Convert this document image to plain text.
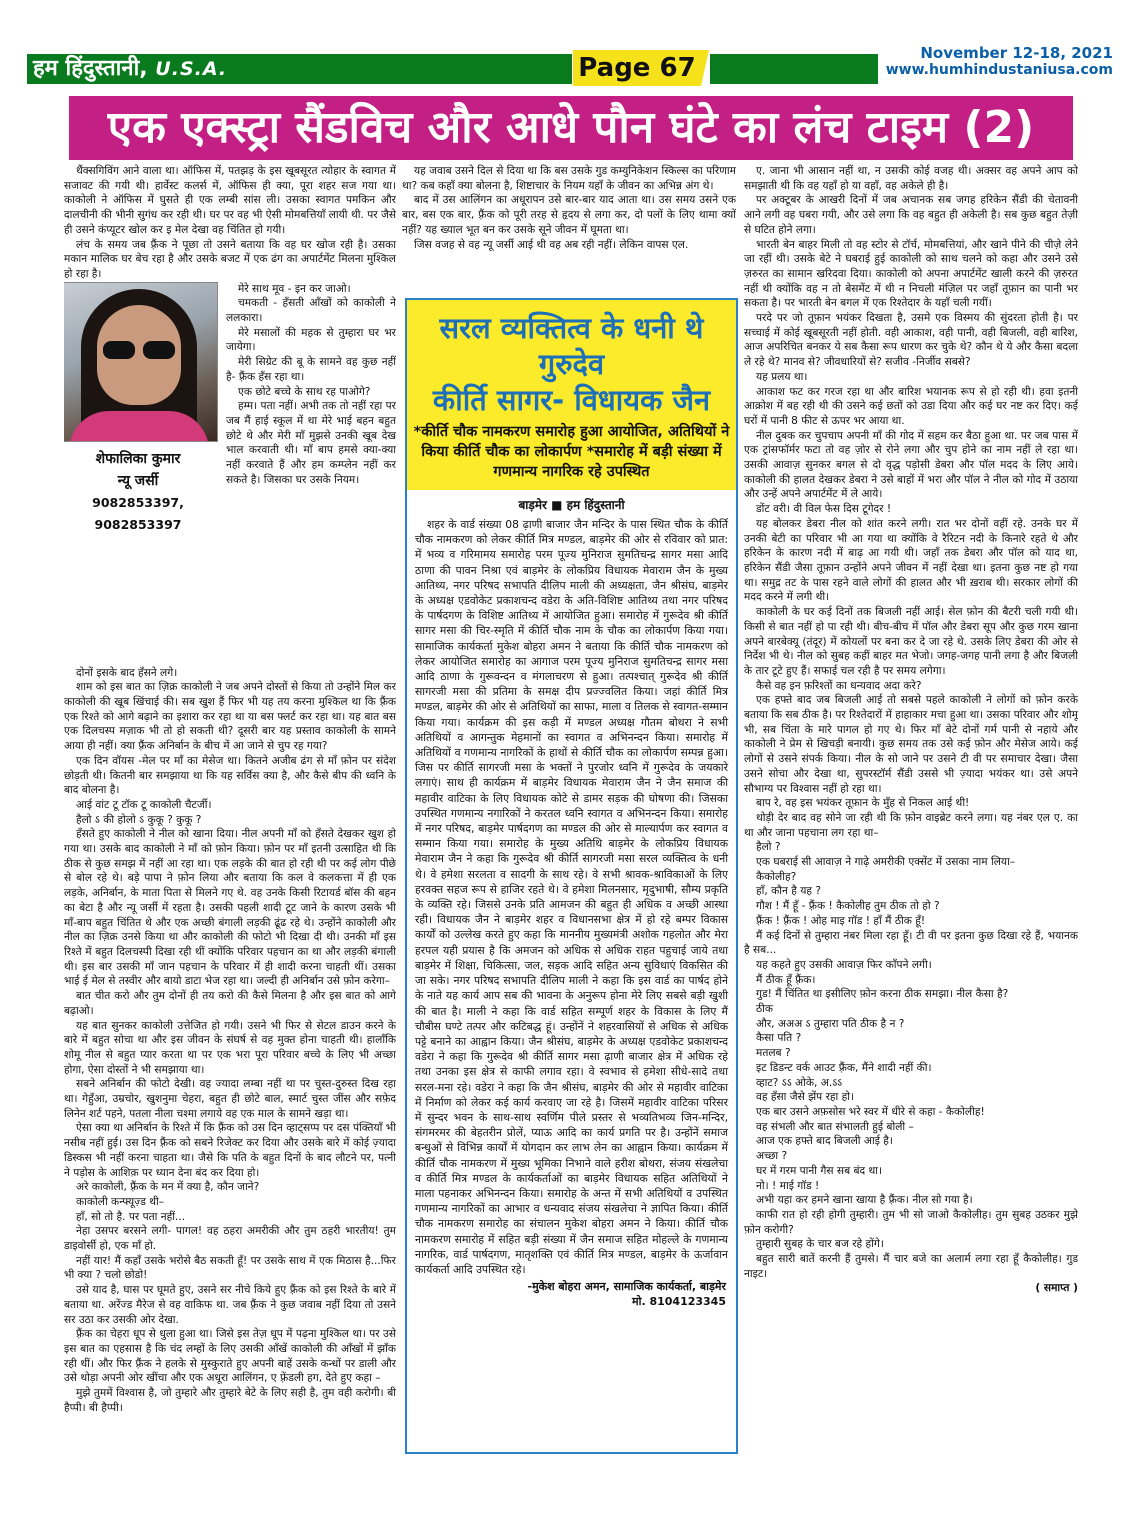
हम हिंदुस्तानी, U.S.A.	Page 67	November 12-18, 2021
www.humhindustaniusa.com
एक एक्स्ट्रा सैंडविच और आधे पौन घंटे का लंच टाइम (2)

थैंक्सगिविंग आने वाला था। ऑफिस में, पतझड़ के इस खूबसूरत त्योहार के स्वागत में सजावट की गयी थी। हार्वेस्ट कलर्स में, ऑफिस ही क्या, पूरा शहर सज गया था। काकोली ने ऑफिस में घुसते ही एक लम्बी सांस ली। उसका स्वागत पमकिन और दालचीनी की भीनी सुगंध कर रही थी। घर पर वह भी ऐसी मोमबत्तियाँ लायी थी. पर जैसे ही उसने कंप्यूटर खोल कर इ मेल देखा वह चिंतित हो गयी।

लंच के समय जब फ़्रैंक ने पूछा तो उसने बताया कि वह घर खोज रही है। उसका मकान मालिक घर बेच रहा है और उसके बजट में एक ढंग का अपार्टमेंट मिलना मुश्किल हो रहा है।

शेफालिका कुमार
न्यू जर्सी
9082853397, 9082853397

मेरे साथ मूव - इन कर जाओ।

चमकती - हँसती आँखों को काकोली ने ललकारा।

मेरे मसालों की महक से तुम्हारा घर भर जायेगा।

मेरी सिग्रेट की बू के सामने वह कुछ नहीं है- फ़्रैंक हँस रहा था।

एक छोटे बच्चे के साथ रह पाओगे?

हम्म। पता नहीं। अभी तक तो नहीं रहा पर जब मैं हाई स्कूल में था मेरे भाई बहन बहुत छोटे थे और मेरी माँ मुझसे उनकी खूब देख भाल करवाती थी। माँ बाप हमसे क्या-क्या नहीं करवाते हैं और हम कम्प्लेन नहीं कर सकते है। जिसका घर उसके नियम।

दोनों इसके बाद हँसने लगे।

शाम को इस बात का ज़िक्र काकोली ने जब अपने दोस्तों से किया तो उन्होंने मिल कर काकोली की खूब खिंचाई की। सब खुश हैं फिर भी यह तय करना मुश्किल था कि फ़्रैंक एक रिश्ते को आगे बढ़ाने का इशारा कर रहा था या बस फ्लर्ट कर रहा था। यह बात बस एक दिलचस्प मज़ाक भी तो हो सकती थी? दूसरी बार यह प्रस्ताव काकोली के सामने आया ही नहीं। क्या फ़्रैंक अनिर्बान के बीच में आ जाने से चुप रह गया?

एक दिन वॉयस -मेल पर माँ का मेसेज था। कितने अजीब ढंग से माँ फ़ोन पर संदेश छोड़ती थी। कितनी बार समझाया था कि यह सर्विस क्या है, और कैसे बीप की ध्वनि के बाद बोलना है।

आई वांट टू टॉक टू काकोली चैटर्जी।

हैलो ऽ की होलो ऽ कुकू ? कुकू ?

हँसते हुए काकोली ने नील को खाना दिया। नील अपनी माँ को हँसते देखकर खुश हो गया था। उसके बाद काकोली ने माँ को फ़ोन किया। फ़ोन पर माँ इतनी उत्साहित थी कि ठीक से कुछ समझ में नहीं आ रहा था। एक लड़के की बात हो रही थी पर कई लोग पीछे से बोल रहे थे। बड़े पापा ने फ़ोन लिया और बताया कि कल वे कलकत्ता में ही एक लड़के, अनिर्बान, के माता पिता से मिलने गए थे. वह उनके किसी रिटायर्ड बॉस की बहन का बेटा है और न्यू जर्सी में रहता है। उसकी पहली शादी टूट जाने के कारण उसके भी माँ-बाप बहुत चिंतित थे और एक अच्छी बंगाली लड़की ढूंढ रहे थे। उन्होंने काकोली और नील का ज़िक्र उनसे किया था और काकोली की फोटो भी दिखा दी थी। उनकी माँ इस रिश्ते में बहुत दिलचस्पी दिखा रही थीं क्योंकि परिवार पहचान का था और लड़की बंगाली थी। इस बार उसकी माँ जान पहचान के परिवार में ही शादी करना चाहती थीं। उसका भाई ई मेल से तस्वीर और बायो डाटा भेज रहा था। जल्दी ही अनिर्बान उसे फ़ोन करेगा–

बात चीत करो और तुम दोनों ही तय करो की कैसे मिलना है और इस बात को आगे बढ़ाओ।

यह बात सुनकर काकोली उत्तेजित हो गयी। उसने भी फिर से सेटल डाउन करने के बारे में बहुत सोचा था और इस जीवन के संघर्ष से वह मुक्त होना चाहती थी। हालाँकि शोमू नील से बहुत प्यार करता था पर एक भरा पूरा परिवार बच्चे के लिए भी अच्छा होगा, ऐसा दोस्तों ने भी समझाया था।

सबने अनिर्बान की फोटो देखी। वह ज्यादा लम्बा नहीं था पर चुस्त-दुरुस्त दिख रहा था। गेहुँआ, उम्रचोर, खुशनुमा चेहरा, बहुत ही छोटे बाल, स्मार्ट चुस्त जींस और सफ़ेद लिनेन शर्ट पहने, पतला नीला चश्मा लगाये वह एक माल के सामने खड़ा था।

ऐसा क्या था अनिर्बान के रिश्ते में कि फ़्रैंक को उस दिन व्हाट्सप्प पर दस पंक्तियाँ भी नसीब नहीं हुई। उस दिन फ़्रैंक को सबने रिजेक्ट कर दिया और उसके बारे में कोई ज़्यादा डिस्कस भी नहीं करना चाहता था। जैसे कि पति के बहुत दिनों के बाद लौटने पर, पत्नी ने पड़ोस के आशिक़ पर ध्यान देना बंद कर दिया हो।

अरे काकोली, फ़्रैंक के मन में क्या है, कौन जाने?

काकोली कन्फ्यूज़्ड थी–

हाँ, सो तो है. पर पता नहीं...

नेहा उसपर बरसने लगी- पागल! वह ठहरा अमरीकी और तुम ठहरी भारतीय! तुम डाइवोर्सी हो, एक माँ हो.

नहीं यार! मैं कहाँ उसके भरोसे बैठ सकती हूँ! पर उसके साथ में एक मिठास है...फिर भी क्या ? चलो छोडो!

उसे याद है, घास पर घूमते हुए, उसने सर नीचे किये हुए फ़्रैंक को इस रिश्ते के बारे में बताया था. अरेंज्ड मैरेज से वह वाकिफ था. जब फ़्रैंक ने कुछ जवाब नहीं दिया तो उसने सर उठा कर उसकी ओर देखा.

फ़्रैंक का चेहरा धूप से धुला हुआ था। जिसे इस तेज़ धूप में पढ़ना मुश्किल था। पर उसे इस बात का एहसास है कि चंद लम्हों के लिए उसकी आँखें काकोली की आँखों में झाँक रही थीं। और फिर फ़्रैंक ने हलके से मुस्कुराते हुए अपनी बाहें उसके कन्धों पर डाली और उसे थोड़ा अपनी ओर खींचा और एक अधूरा आलिंगन, ए फ़्रेंडली हग, देते हुए कहा –

मुझे तुममें विश्वास है, जो तुम्हारे और तुम्हारे बेटे के लिए सही है, तुम वही करोगी। बी हैप्पी। बी हैप्पी।

यह जवाब उसने दिल से दिया था कि बस उसके गुड कम्युनिकेशन स्किल्स का परिणाम था? कब कहाँ क्या बोलना है, शिष्टाचार के नियम यहाँ के जीवन का अभिन्न अंग थे।

बाद में उस आलिंगन का अधूरापन उसे बार-बार याद आता था। उस समय उसने एक बार, बस एक बार, फ़्रैंक को पूरी तरह से हृदय से लगा कर, दो पलों के लिए थामा क्यों नहीं? यह ख्याल भूत बन कर उसके सूने जीवन में घूमता था।

जिस वजह से वह न्यू जर्सी आई थी वह अब रही नहीं। लेकिन वापस एल.

सरल व्यक्तित्व के धनी थे गुरुदेव
कीर्ति सागर- विधायक जैन
*कीर्ति चौक नामकरण समारोह हुआ आयोजित, अतिथियों ने किया कीर्ति चौक का लोकार्पण *समारोह में बड़ी संख्या में गणमान्य नागरिक रहे उपस्थित
बाड़मेर ■ हम हिंदुस्तानी

शहर के वार्ड संख्या 08 ढ़ाणी बाजार जैन मन्दिर के पास स्थित चौक के कीर्ति चौक नामकरण को लेकर कीर्ति मित्र मण्डल, बाड़मेर की ओर से रविवार को प्रात: में भव्य व गरिमामय समारोह परम पूज्य मुनिराज सुमतिचन्द्र सागर मसा आदि ठाणा की पावन निश्रा एवं बाड़मेर के लोकप्रिय विधायक मेवाराम जैन के मुख्य आतिथ्य, नगर परिषद सभापति दीलिप माली की अध्यक्षता, जैन श्रीसंघ, बाड़मेर के अध्यक्ष एडवोकेट प्रकाशचन्द वडेरा के अति-विशिष्ट आतिथ्य तथा नगर परिषद के पार्षदगण के विशिष्ट आतिथ्य में आयोजित हुआ। समारोह में गुरूदेव श्री कीर्ति सागर मसा की चिर-स्मृति में कीर्ति चौक नाम के चौक का लोकार्पण किया गया। सामाजिक कार्यकर्ता मुकेश बोहरा अमन ने बताया कि कीर्ति चौक नामकरण को लेकर आयोजित समारोह का आगाज परम पूज्य मुनिराज सुमतिचन्द्र सागर मसा आदि ठाणा के गुरूवन्दन व मंगलाचरण से हुआ। तत्पश्चात् गुरूदेव श्री कीर्ति सागरजी मसा की प्रतिमा के समक्ष दीप प्रज्ज्वलित किया। जहां कीर्ति मित्र मण्डल, बाड़मेर की ओर से अतिथियों का साफा, माला व तिलक से स्वागत-सम्मान किया गया। कार्यक्रम की इस कड़ी में मण्डल अध्यक्ष गौतम बोथरा ने सभी अतिथियों व आगन्तुक मेहमानों का स्वागत व अभिनन्दन किया। समारोह में अतिथियों व गणमान्य नागरिकों के हाथों से कीर्ति चौक का लोकार्पण सम्पन्न हुआ। जिस पर कीर्ति सागरजी मसा के भक्तों ने पुरजोर ध्वनि में गुरूदेव के जयकारे लगाएं। साथ ही कार्यक्रम में बाड़मेर विधायक मेवाराम जैन ने जैन समाज की महावीर वाटिका के लिए विधायक कोटे से डामर सड़क की घोषणा की। जिसका उपस्थित गणमान्य नगारिकों ने करतल ध्वनि स्वागत व अभिनन्दन किया। समारोह में नगर परिषद, बाड़मेर पार्षदगण का मण्डल की ओर से माल्यार्पण कर स्वागत व सम्मान किया गया। समारोह के मुख्य अतिथि बाड़मेर के लोकप्रिय विधायक मेवाराम जैन ने कहा कि गुरूदेव श्री कीर्ति सागरजी मसा सरल व्यक्तित्व के धनी थे। वे हमेशा सरलता व सादगी के साथ रहे। वे सभी श्रावक-श्राविकाओं के लिए हरवक्त सहज रूप से हाजिर रहते थे। वे हमेशा मिलनसार, मृदुभाषी, सौम्य प्रकृति के व्यक्ति रहे। जिससे उनके प्रति आमजन की बहुत ही अधिक व अच्छी आस्था रही। विधायक जैन ने बाड़मेर शहर व विधानसभा क्षेत्र में हो रहे बम्पर विकास कार्यों को उल्लेख करते हुए कहा कि माननीय मुख्यमंत्री अशोक गहलोत और मेरा हरपल यही प्रयास है कि अमजन को अधिक से अधिक राहत पहुचाई जाये तथा बाड़मेर में शिक्षा, चिकित्सा, जल, सड़क आदि सहित अन्य सुविधाएं विकसित की जा सके। नगर परिषद सभापति दीलिप माली ने कहा कि इस वार्ड का पार्षद होने के नाते यह कार्य आप सब की भावना के अनुरूप होना मेरे लिए सबसे बड़ी खुशी की बात है। माली ने कहा कि वार्ड सहित सम्पूर्ण शहर के विकास के लिए मैं चौबीस घण्टे तत्पर और कटिबद्ध हूं। उन्होंनें ने शहरवासियों से अधिक से अधिक पट्टे बनाने का आह्वान किया। जैन श्रीसंघ, बाड़मेर के अध्यक्ष एडवोकेट प्रकाशचन्द वडेरा ने कहा कि गुरूदेव श्री कीर्ति सागर मसा ढ़ाणी बाजार क्षेत्र में अधिक रहे तथा उनका इस क्षेत्र से काफी लगाव रहा। वे स्वभाव से हमेशा सीधे-सादे तथा सरल-मना रहे। वडेरा ने कहा कि जैन श्रीसंघ, बाड़मेर की ओर से महावीर वाटिका में निर्माण को लेकर कई कार्य करवाए जा रहे है। जिसमें महावीर वाटिका परिसर में सुन्दर भवन के साथ-साथ स्वर्णिम पीले प्रस्तर से भव्यतिभव्य जिन-मन्दिर, संगमरमर की बेहतरीन प्रोलें, प्याऊ आदि का कार्य प्रगति पर है। उन्होंनें समाज बन्धुओं से विभिन्न कार्यों में योगदान कर लाभ लेन का आह्वान किया। कार्यक्रम में कीर्ति चौक नामकरण में मुख्य भूमिका निभाने वाले हरीश बोथरा, संजय संखलेचा व कीर्ति मित्र मण्डल के कार्यकर्ताओं का बाड़मेर विधायक सहित अतिथियों ने माला पहनाकर अभिनन्दन किया। समारोह के अन्त में सभी अतिथियों व उपस्थित गणमान्य नागरिकों का आभार व धन्यवाद संजय संखलेचा ने ज्ञापित किया। कीर्ति चौक नामकरण समारोह का संचालन मुकेश बोहरा अमन ने किया। कीर्ति चौक नामकरण समारोह में सहित बड़ी संख्या में जैन समाज सहित मोहल्ले के गणमान्य नागरिक, वार्ड पार्षदगण, मातृशक्ति एवं कीर्ति मित्र मण्डल, बाड़मेर के ऊर्जावान कार्यकर्ता आदि उपस्थित रहे।

-मुकेश बोहरा अमन, सामाजिक कार्यकर्ता, बाड़मेर
मो. 8104123345

ए. जाना भी आसान नहीं था, न उसकी कोई वजह थी। अक्सर वह अपने आप को समझाती थी कि वह यहाँ हो या वहाँ, वह अकेले ही है।

पर अक्टूबर के आखरी दिनों में जब अचानक सब जगह हरिकेन सैंडी की चेतावनी आने लगी वह घबरा गयी, और उसे लगा कि वह बहुत ही अकेली है। सब कुछ बहुत तेज़ी से घटित होने लगा।

भारती बेन बाहर मिली तो वह स्टोर से टॉर्च, मोमबत्तियां, और खाने पीने की चीज़े लेने जा रहीं थी। उसके बेटे ने घबराई हुई काकोली को साथ चलने को कहा और उसने उसे ज़रुरत का सामान खरिदवा दिया। काकोली को अपना अपार्टमेंट खाली करने की ज़रुरत नहीं थी क्योंकि वह न तो बेसमेंट में थी न निचली मंज़िल पर जहाँ तूफ़ान का पानी भर सकता है। पर भारती बेन बगल में एक रिश्तेदार के यहाँ चली गयीं।

परदे पर जो तूफ़ान भयंकर दिखता है, उसमे एक विस्मय की सुंदरता होती है। पर सच्चाई में कोई खूबसूरती नहीं होती. वही आकाश, वही पानी, वही बिजली, वही बारिश, आज अपरिचित बनकर ये सब कैसा रूप धारण कर चुके थे? कौन थे ये और कैसा बदला ले रहे थे? मानव से? जीवधारियों से? सजीव -निर्जीव सबसे?

यह प्रलय था।

आकाश फट कर गरज रहा था और बारिश भयानक रूप से हो रही थी। हवा इतनी आक्रोश में बह रही थी की उसने कई छतों को उडा दिया और कई घर नष्ट कर दिए। कई घरों में पानी 8 फीट से ऊपर भर आया था.

नील दुबक कर चुपचाप अपनी माँ की गोद में सहम कर बैठा हुआ था. पर जब पास में एक ट्रांसफॉर्मर फटा तो वह ज़ोर से रोने लगा और चुप होने का नाम नहीं ले रहा था। उसकी आवाज़ सुनकर बगल से दो वृद्ध पड़ोसी डेबरा और पॉल मदद के लिए आये। काकोली की हालत देखकर डेबरा ने उसे बाहों में भरा और पॉल ने नील को गोद में उठाया और उन्हें अपने अपार्टमेंट में ले आये।

डोंट वरी। वी विल फेस दिस टूगेदर !

यह बोलकर डेबरा नील को शांत करने लगी। रात भर दोनों वहीं रहे. उनके घर में उनकी बेटी का परिवार भी आ गया था क्योंकि वे रैरिटन नदी के किनारे रहते थे और हरिकेन के कारण नदी में बाढ़ आ गयी थी। जहाँ तक डेबरा और पॉल को याद था, हरिकेन सैंडी जैसा तूफ़ान उन्होंने अपने जीवन में नहीं देखा था। इतना कुछ नष्ट हो गया था। समुद्र तट के पास रहने वाले लोगों की हालत और भी ख़राब थी। सरकार लोगों की मदद करने में लगी थी।

काकोली के घर कई दिनों तक बिजली नहीं आई। सेल फ़ोन की बैटरी चली गयी थी। किसी से बात नहीं हो पा रही थी। बीच-बीच में पॉल और डेबरा सूप और कुछ गरम खाना अपने बारबेक्यू (तंदूर) में कोयलों पर बना कर दे जा रहे थे. उसके लिए डेबरा की ओर से निर्देश भी थे। नील को सुबह कहीं बाहर मत भेजो। जगह-जगह पानी लगा है और बिजली के तार टूटे हुए हैं। सफाई चल रही है पर समय लगेगा।

कैसे वह इन फ़रिश्तों का धन्यवाद अदा करे?

एक हफ्ते बाद जब बिजली आई तो सबसे पहले काकोली ने लोगों को फ़ोन करके बताया कि सब ठीक है। पर रिश्तेदारों में हाहाकार मचा हुआ था। उसका परिवार और शोमू भी, सब चिंता के मारे पागल हो गए थे। फिर माँ बेटे दोनों गर्म पानी से नहाये और काकोली ने प्रेम से खिचड़ी बनायी। कुछ समय तक उसे कई फ़ोन और मेसेज आये। कई लोगों से उसने संपर्क किया। नील के सो जाने पर उसने टी वी पर समाचार देखा। जैसा उसने सोचा और देखा था, सुपरस्टॉर्म सैंडी उससे भी ज़्यादा भयंकर था। उसे अपने सौभाग्य पर विश्वास नहीं हो रहा था।

बाप रे, वह इस भयंकर तूफ़ान के मुँह से निकल आई थी!

थोड़ी देर बाद वह सोने जा रही थी कि फ़ोन वाइब्रेट करने लगा। यह नंबर एल ए. का था और जाना पहचाना लग रहा था–

हैलो ?

एक घबराई सी आवाज़ ने गाढ़े अमरीकी एक्सेंट में उसका नाम लिया–

कैकोलीह?

हाँ, कौन है यह ?

गौश ! मैं हूँ - फ़्रैंक ! कैकोलीह तुम ठीक तो हो ?

फ़्रैंक ! फ़्रैंक ! ओह माइ गॉड ! हाँ मैं ठीक हूँ!

मैं कई दिनों से तुम्हारा नंबर मिला रहा हूँ। टी वी पर इतना कुछ दिखा रहे हैं, भयानक है सब...

यह कहते हुए उसकी आवाज़ फिर काँपने लगी।

मैं ठीक हूँ फ़्रैंक।

गुड! मैं चिंतित था इसीलिए फ़ोन करना ठीक समझा। नील कैसा है?

ठीक

और, अअअ ऽ तुम्हारा पति ठीक है न ?

कैसा पति ?

मतलब ?

इट डिडन्ट वर्क आउट फ़्रैंक, मैंने शादी नहीं की।

व्हाट? ऽऽ ओके, अ.ऽऽ

वह हँसा जैसे झेंप रहा हो।

एक बार उसने अफ़सोस भरे स्वर में धीरे से कहा - कैकोलीह!

वह संभली और बात संभालती हुई बोली –

आज एक हफ्ते बाद बिजली आई है।

अच्छा ?

घर में गरम पानी गैस सब बंद था।

नो। ! माई गॉड !

अभी यहा कर हमने खाना खाया है फ़्रैंक। नील सो गया है।

काफी रात हो रही होगी तुम्हारी। तुम भी सो जाओ कैकोलीह। तुम सुबह उठकर मुझे फ़ोन करोगी?

तुम्हारी सुबह के चार बज रहे होंगे।

बहुत सारी बातें करनी हैं तुमसे। मैं चार बजे का अलार्म लगा रहा हूँ कैकोलीह। गुड नाइट।

( समाप्त )
